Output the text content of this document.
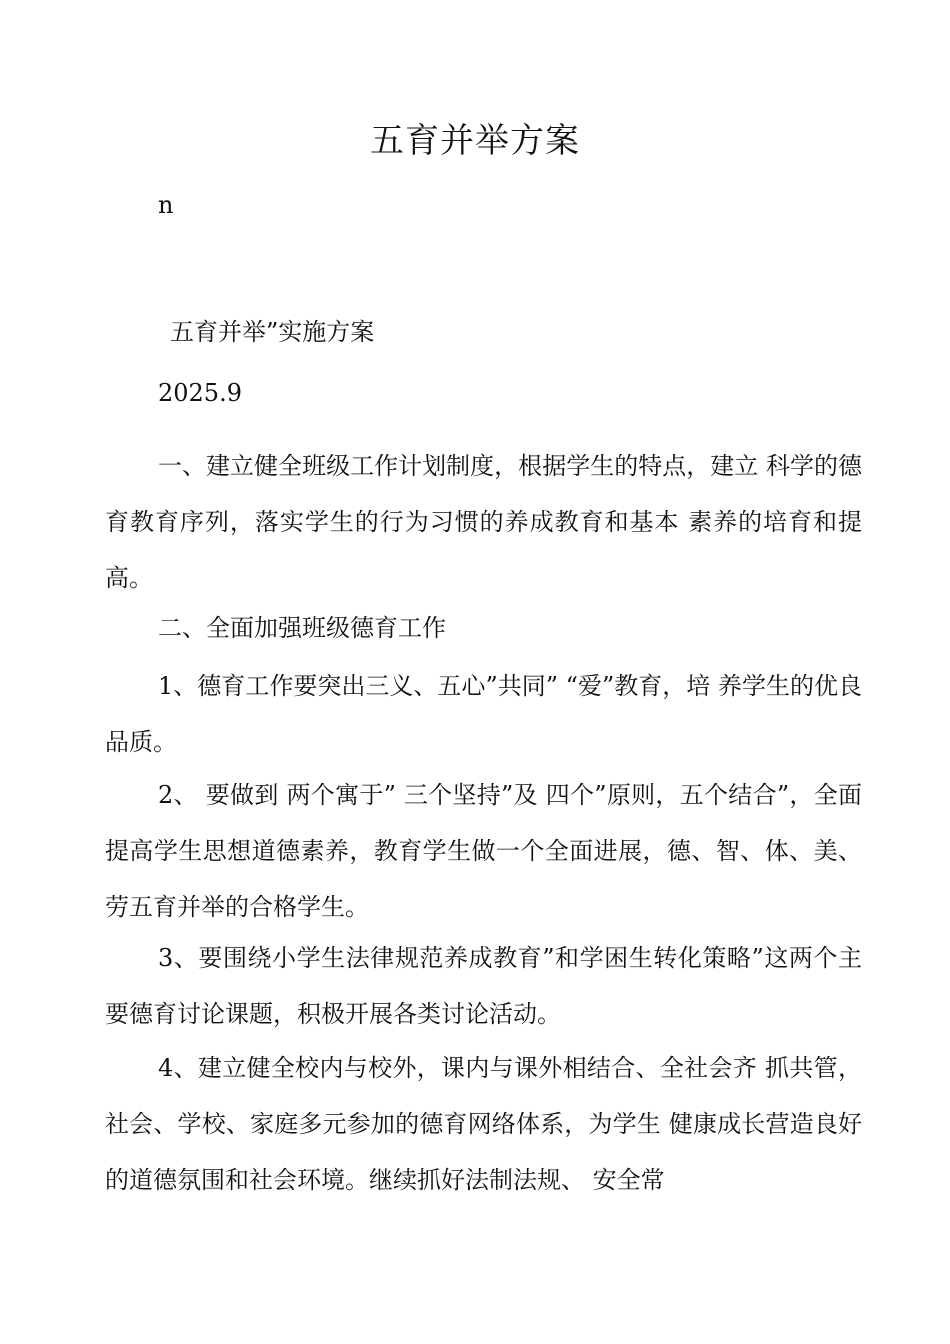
五育并举方案

n

五育并举”实施方案

2025.9

一、建立健全班级工作计划制度，根据学生的特点，建立 科学的德育教育序列，落实学生的行为习惯的养成教育和基本 素养的培育和提高。

二、全面加强班级德育工作

1、德育工作要突出三义、五心”共同” “爱”教育，培 养学生的优良品质。

2、 要做到 两个寓于” 三个坚持”及 四个”原则，五个结合”，全面提高学生思想道德素养，教育学生做一个全面进展，德、智、体、美、劳五育并举的合格学生。

3、要围绕小学生法律规范养成教育”和学困生转化策略”这两个主要德育讨论课题，积极开展各类讨论活动。

4、建立健全校内与校外，课内与课外相结合、全社会齐 抓共管，社会、学校、家庭多元参加的德育网络体系，为学生 健康成长营造良好的道德氛围和社会环境。继续抓好法制法规、 安全常
